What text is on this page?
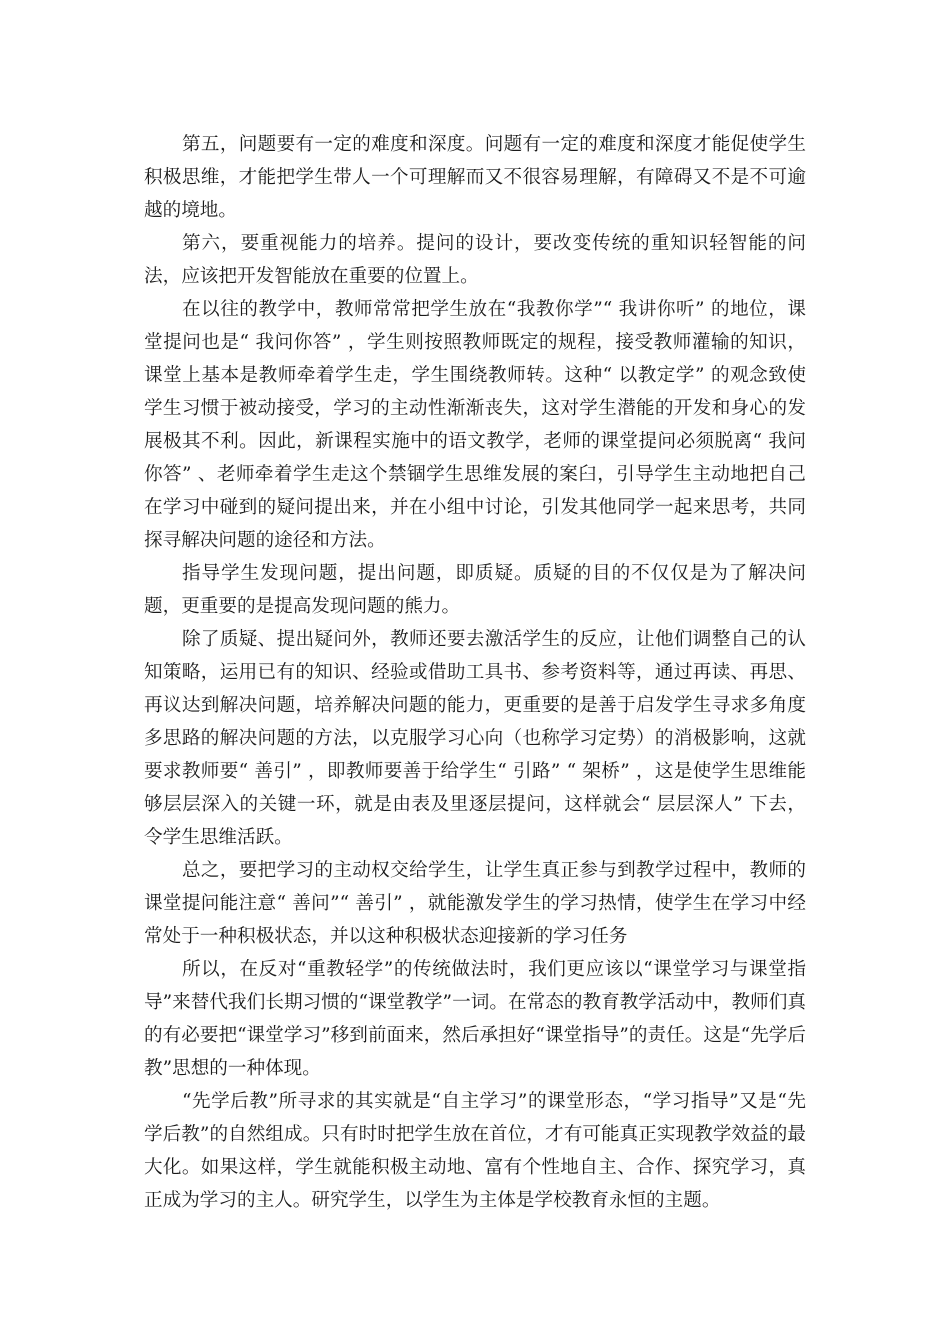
第五，问题要有一定的难度和深度。问题有一定的难度和深度才能促使学生积极思维，才能把学生带人一个可理解而又不很容易理解，有障碍又不是不可逾越的境地。

第六，要重视能力的培养。提问的设计，要改变传统的重知识轻智能的问法，应该把开发智能放在重要的位置上。

在以往的教学中，教师常常把学生放在“我教你学”“ 我讲你听” 的地位，课堂提问也是“ 我问你答” ，学生则按照教师既定的规程，接受教师灌输的知识，课堂上基本是教师牵着学生走，学生围绕教师转。这种“ 以教定学” 的观念致使学生习惯于被动接受，学习的主动性渐渐丧失，这对学生潜能的开发和身心的发展极其不利。因此，新课程实施中的语文教学，老师的课堂提问必须脱离“ 我问你答” 、老师牵着学生走这个禁锢学生思维发展的案臼，引导学生主动地把自己在学习中碰到的疑问提出来，并在小组中讨论，引发其他同学一起来思考，共同探寻解决问题的途径和方法。

指导学生发现问题，提出问题，即质疑。质疑的目的不仅仅是为了解决问题，更重要的是提高发现问题的熊力。

除了质疑、提出疑问外，教师还要去激活学生的反应，让他们调整自己的认知策略，运用已有的知识、经验或借助工具书、参考资料等，通过再读、再思、再议达到解决问题，培养解决问题的能力，更重要的是善于启发学生寻求多角度多思路的解决问题的方法，以克服学习心向（也称学习定势）的消极影响，这就要求教师要“ 善引” ，即教师要善于给学生“ 引路” “ 架桥” ，这是使学生思维能够层层深入的关键一环，就是由表及里逐层提问，这样就会“ 层层深人” 下去，令学生思维活跃。

总之，要把学习的主动权交给学生，让学生真正参与到教学过程中，教师的课堂提问能注意“ 善问”“ 善引” ，就能激发学生的学习热情，使学生在学习中经常处于一种积极状态，并以这种积极状态迎接新的学习任务

所以，在反对“重教轻学”的传统做法时，我们更应该以“课堂学习与课堂指导”来替代我们长期习惯的“课堂教学”一词。在常态的教育教学活动中，教师们真的有必要把“课堂学习”移到前面来，然后承担好“课堂指导”的责任。这是“先学后教”思想的一种体现。

“先学后教”所寻求的其实就是“自主学习”的课堂形态，“学习指导”又是“先学后教”的自然组成。只有时时把学生放在首位，才有可能真正实现教学效益的最大化。如果这样，学生就能积极主动地、富有个性地自主、合作、探究学习，真正成为学习的主人。研究学生，以学生为主体是学校教育永恒的主题。
